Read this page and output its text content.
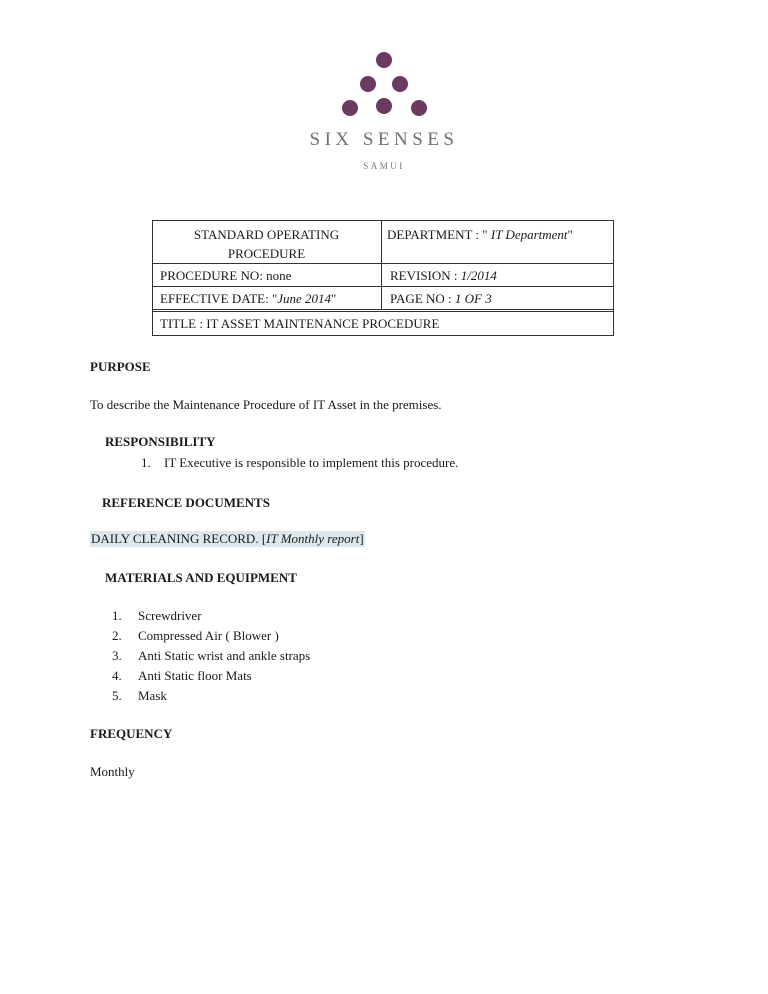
SIX SENSES
SAMUI
STANDARD OPERATING
PROCEDURE
DEPARTMENT : " IT Department"
PROCEDURE NO: none	REVISION : 1/2014
EFFECTIVE DATE: "June 2014"	PAGE NO : 1 OF 3
TITLE : IT ASSET MAINTENANCE PROCEDURE
PURPOSE
To describe the Maintenance Procedure of IT Asset in the premises.
RESPONSIBILITY
1. IT Executive is responsible to implement this procedure.
REFERENCE DOCUMENTS
DAILY CLEANING RECORD. [IT Monthly report]
MATERIALS AND EQUIPMENT
1. Screwdriver
2. Compressed Air ( Blower )
3. Anti Static wrist and ankle straps
4. Anti Static floor Mats
5. Mask
FREQUENCY
Monthly
